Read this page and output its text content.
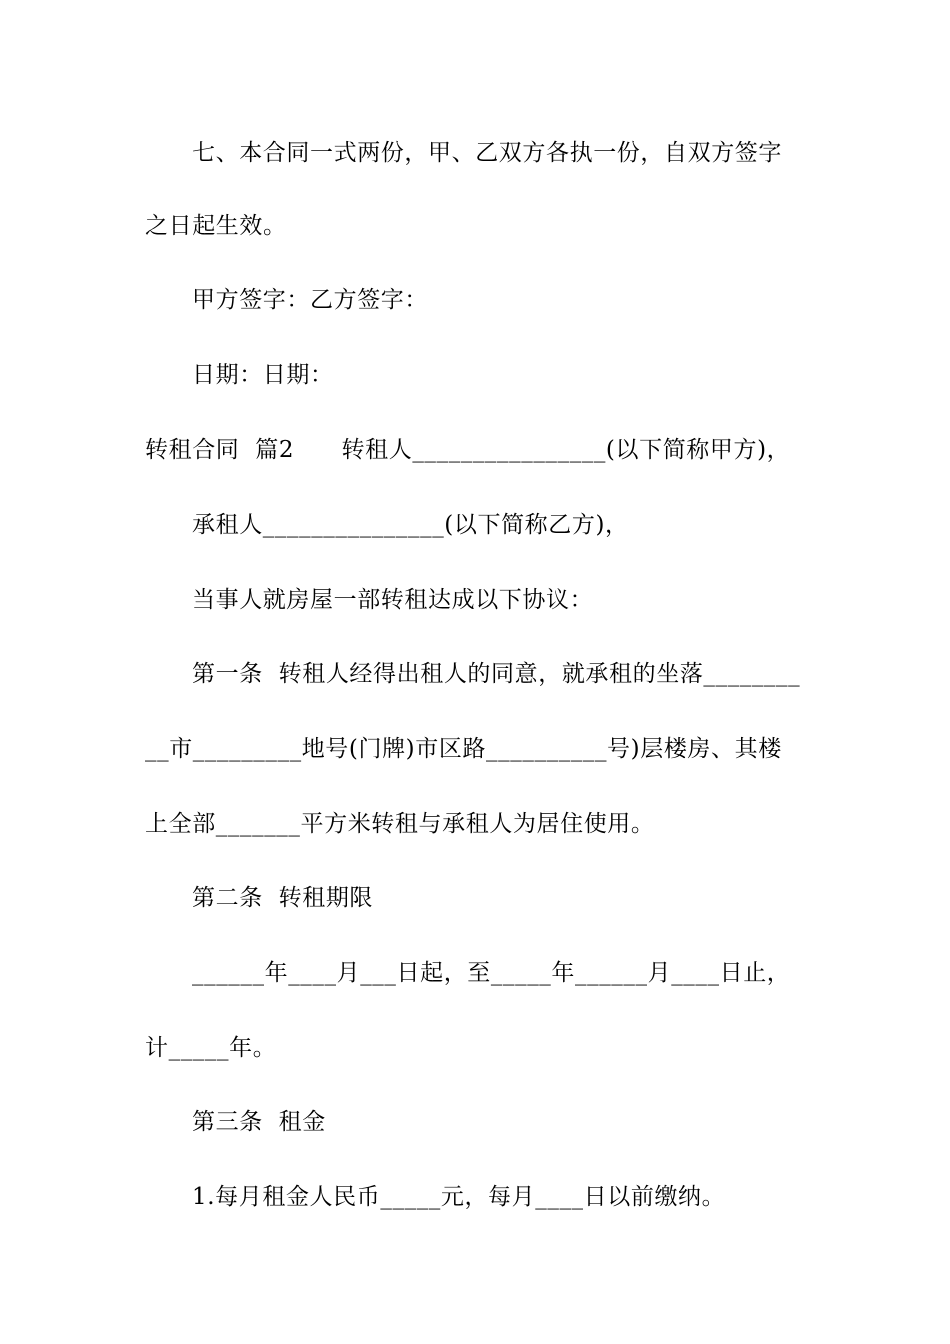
七、本合同一式两份，甲、乙双方各执一份，自双方签字
之日起生效。
甲方签字：乙方签字：
日期：日期：
转租合同  篇2      转租人________________(以下简称甲方)，
承租人_______________(以下简称乙方)，
当事人就房屋一部转租达成以下协议：
第一条  转租人经得出租人的同意，就承租的坐落________
__市_________地号(门牌)市区路__________号)层楼房、其楼
上全部_______平方米转租与承租人为居住使用。
第二条  转租期限
______年____月___日起，至_____年______月____日止，
计_____年。
第三条  租金
1.每月租金人民币_____元，每月____日以前缴纳。
